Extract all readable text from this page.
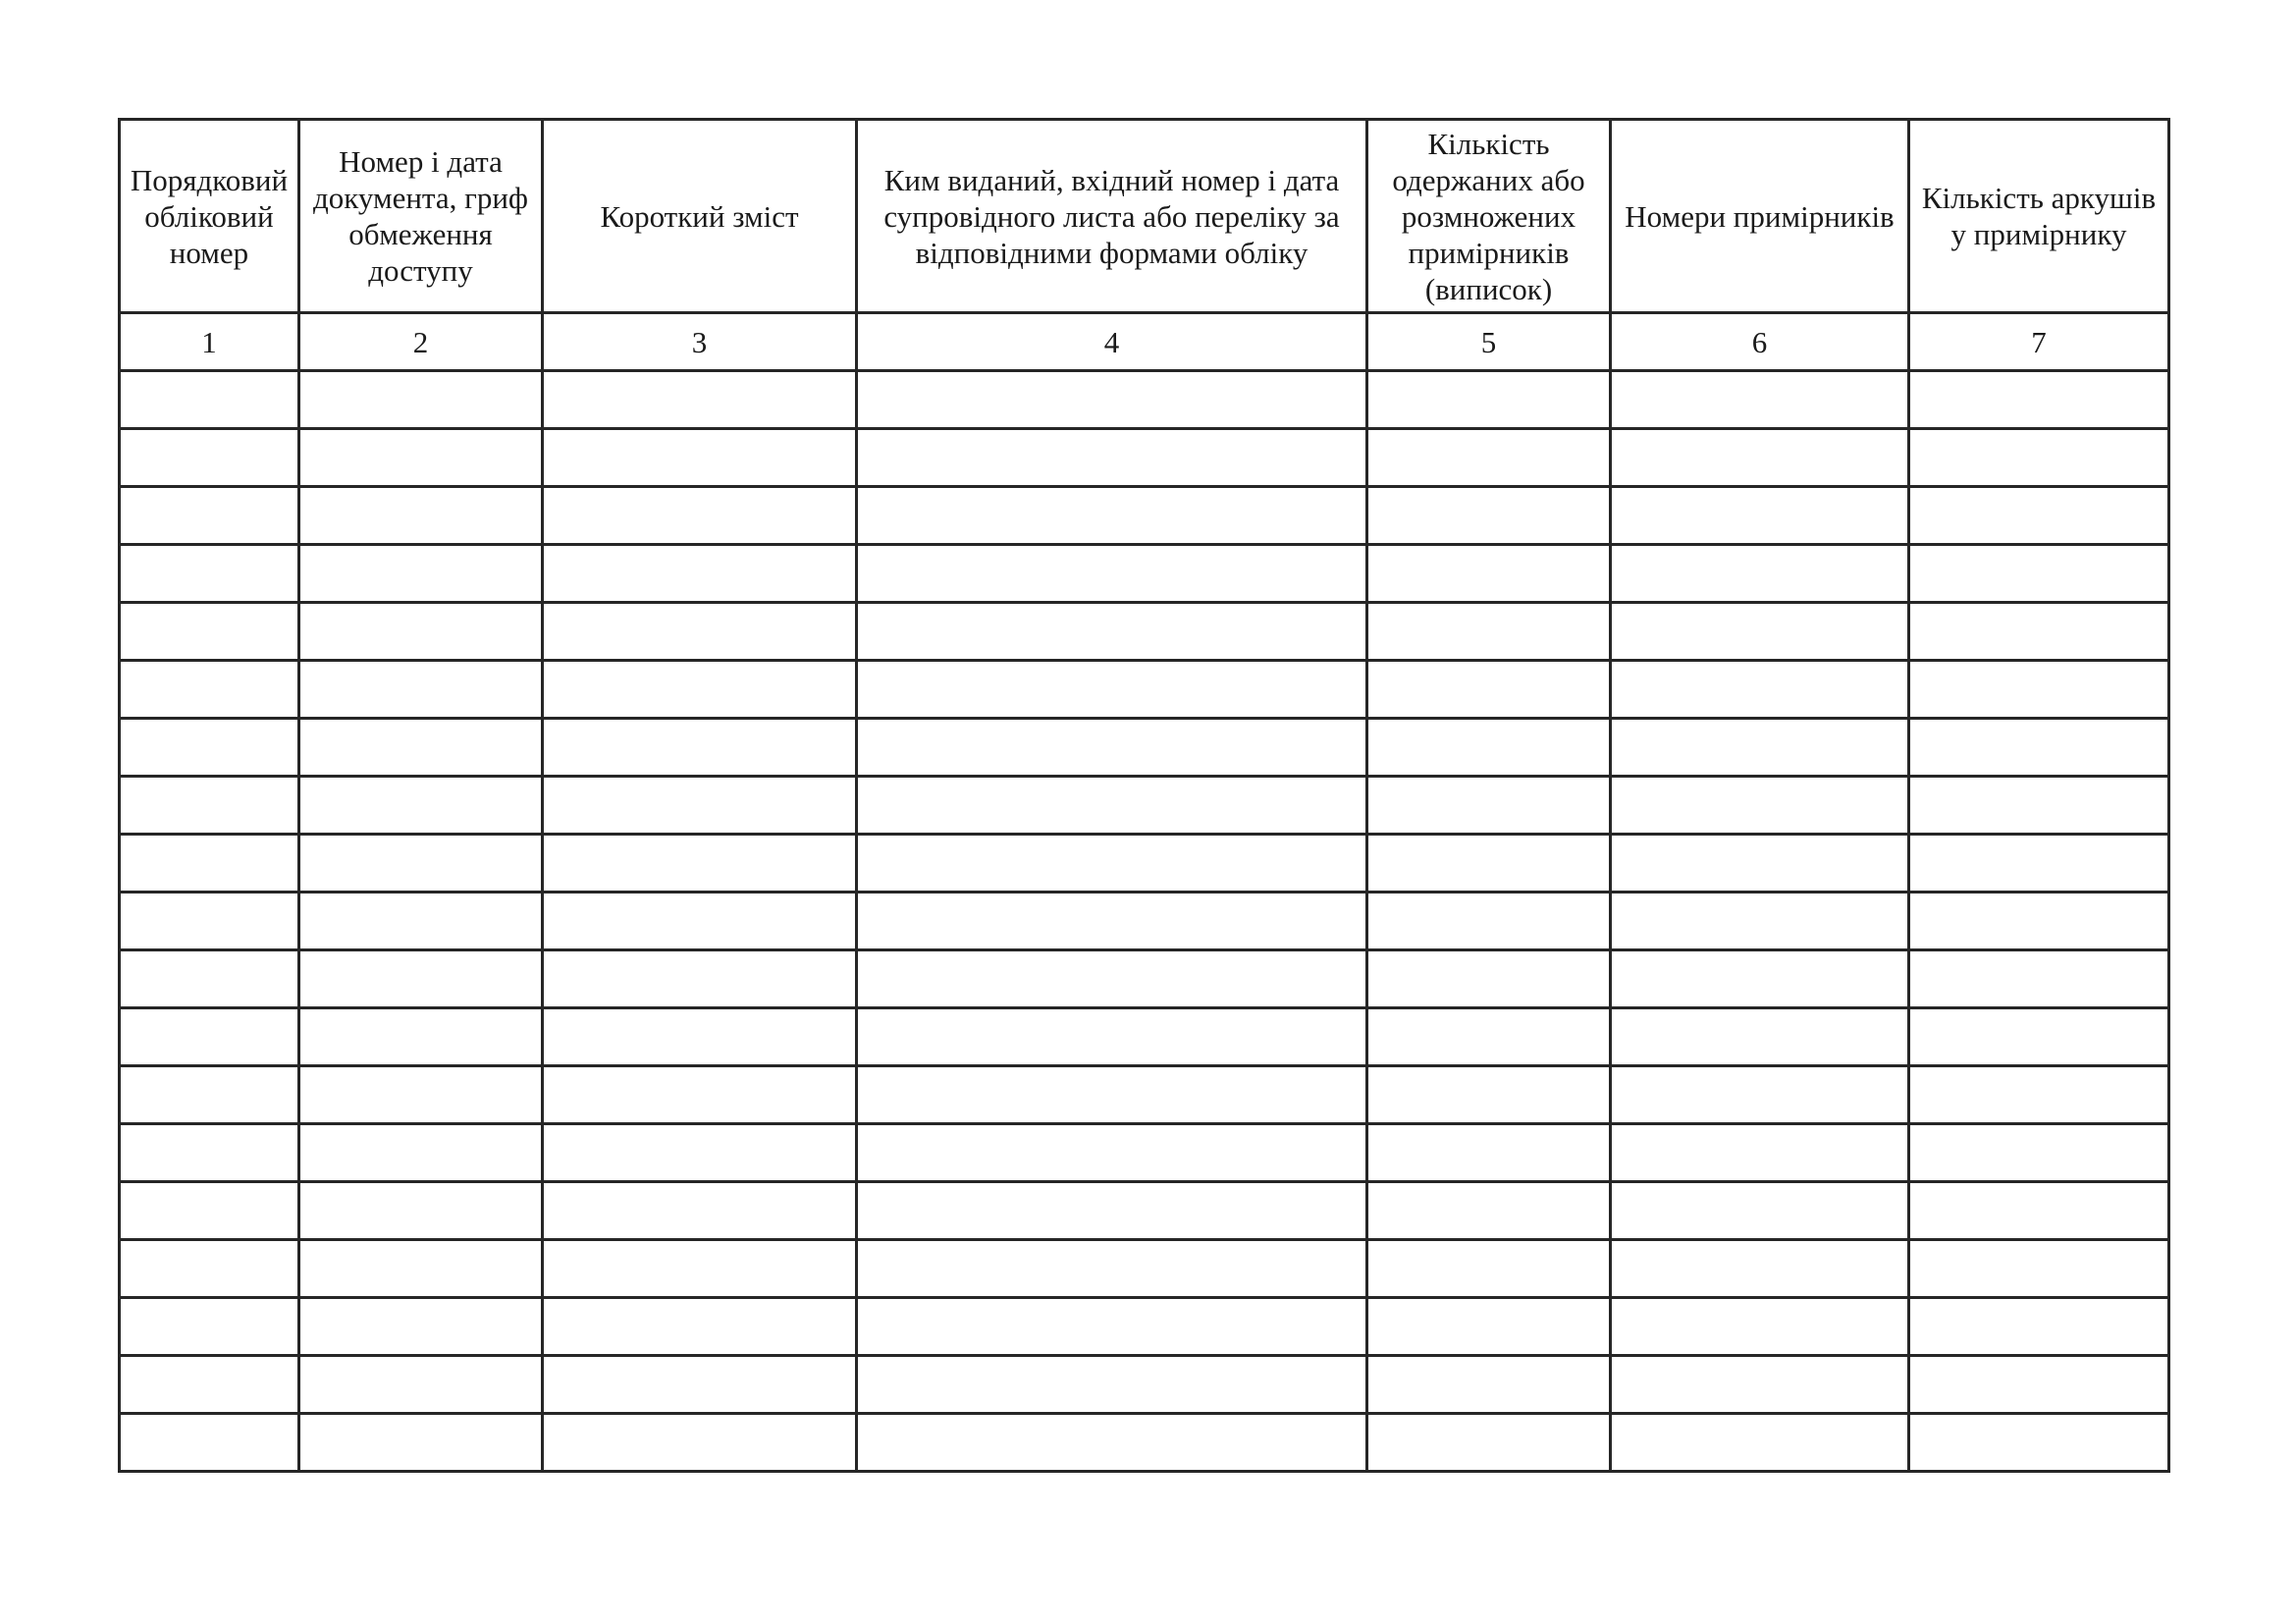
Порядковий обліковий номер	Номер і дата документа, гриф обмеження доступу	Короткий зміст	Ким виданий, вхідний номер і дата супровідного листа або переліку за відповідними формами обліку	Кількість одержаних або розмножених примірників (виписок)	Номери примірників	Кількість аркушів у примірнику
1	2	3	4	5	6	7
